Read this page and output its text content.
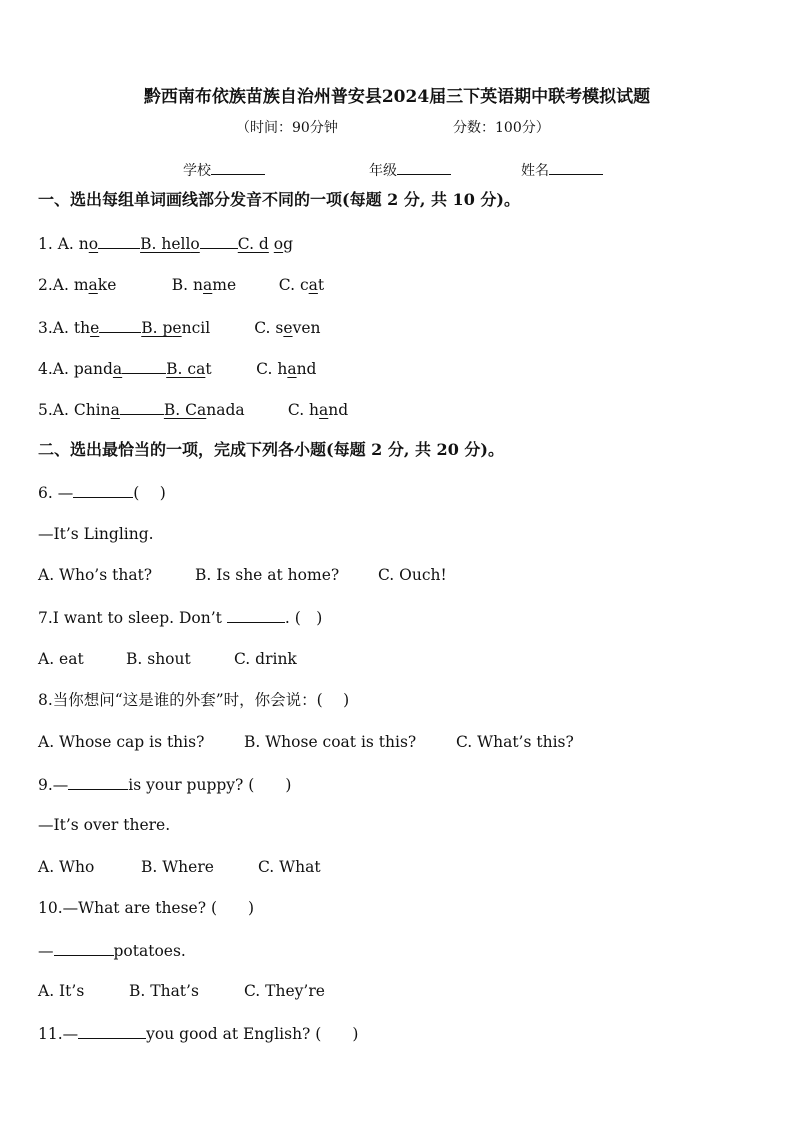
黔西南布依族苗族自治州普安县2024届三下英语期中联考模拟试题
（时间：90分钟	分数：100分）
学校	年级	姓名
一、选出每组单词画线部分发音不同的一项(每题 2 分, 共 10 分)。
1. A. no	B. hello C. d og
2.A. make	B. name	C. cat
3.A. the	B. pencil	C. seven
4.A. panda	B. cat	C. hand
5.A. China	B. Canada	C. hand
二、选出最恰当的一项，完成下列各小题(每题 2 分, 共 20 分)。
6. —	(　 )
—It’s Lingling.
A. Who’s that?	B. Is she at home?	C. Ouch!
7.I want to sleep. Don’t	. (　)
A. eat	B. shout	C. drink
8.当你想问“这是谁的外套”时，你会说：(　 )
A. Whose cap is this?	B. Whose coat is this?	C. What’s this?
9.—	is your puppy? (　　)
—It’s over there.
A. Who	B. Where	C. What
10.—What are these? (　　)
—	potatoes.
A. It’s	B. That’s	C. They’re
11.—	you good at English? (　　)
